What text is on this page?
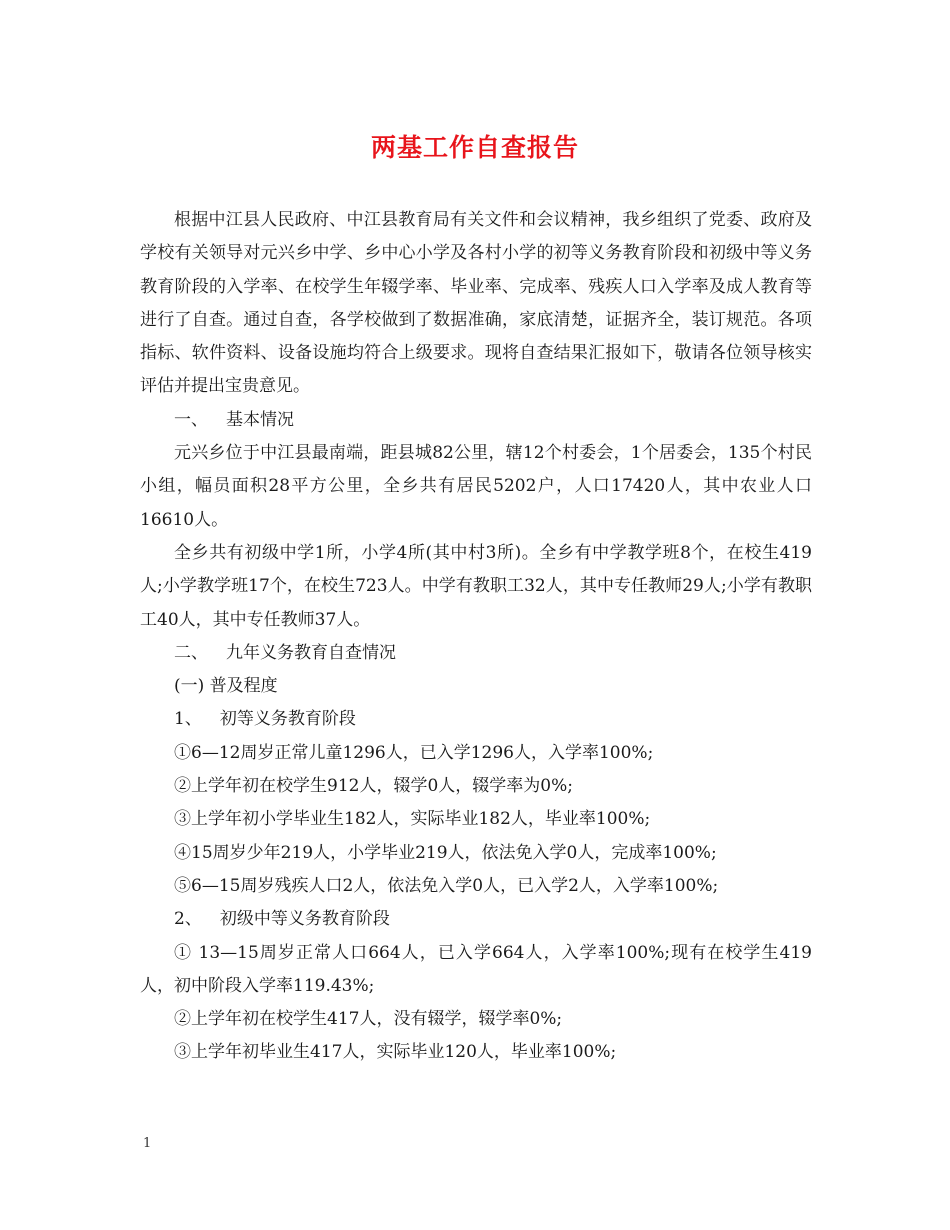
两基工作自查报告

根据中江县人民政府、中江县教育局有关文件和会议精神，我乡组织了党委、政府及学校有关领导对元兴乡中学、乡中心小学及各村小学的初等义务教育阶段和初级中等义务教育阶段的入学率、在校学生年辍学率、毕业率、完成率、残疾人口入学率及成人教育等进行了自查。通过自查，各学校做到了数据准确，家底清楚，证据齐全，装订规范。各项指标、软件资料、设备设施均符合上级要求。现将自查结果汇报如下，敬请各位领导核实评估并提出宝贵意见。

一、 基本情况

元兴乡位于中江县最南端，距县城82公里，辖12个村委会，1个居委会，135个村民小组，幅员面积28平方公里，全乡共有居民5202户，人口17420人，其中农业人口16610人。

全乡共有初级中学1所，小学4所(其中村3所)。全乡有中学教学班8个，在校生419人;小学教学班17个，在校生723人。中学有教职工32人，其中专任教师29人;小学有教职工40人，其中专任教师37人。

二、 九年义务教育自查情况

(一) 普及程度

1、 初等义务教育阶段

①6—12周岁正常儿童1296人，已入学1296人，入学率100%;

②上学年初在校学生912人，辍学0人，辍学率为0%;

③上学年初小学毕业生182人，实际毕业182人，毕业率100%;

④15周岁少年219人，小学毕业219人，依法免入学0人，完成率100%;

⑤6—15周岁残疾人口2人，依法免入学0人，已入学2人，入学率100%;

2、 初级中等义务教育阶段

① 13—15周岁正常人口664人，已入学664人，入学率100%;现有在校学生419人，初中阶段入学率119.43%;

②上学年初在校学生417人，没有辍学，辍学率0%;

③上学年初毕业生417人，实际毕业120人，毕业率100%;

1
